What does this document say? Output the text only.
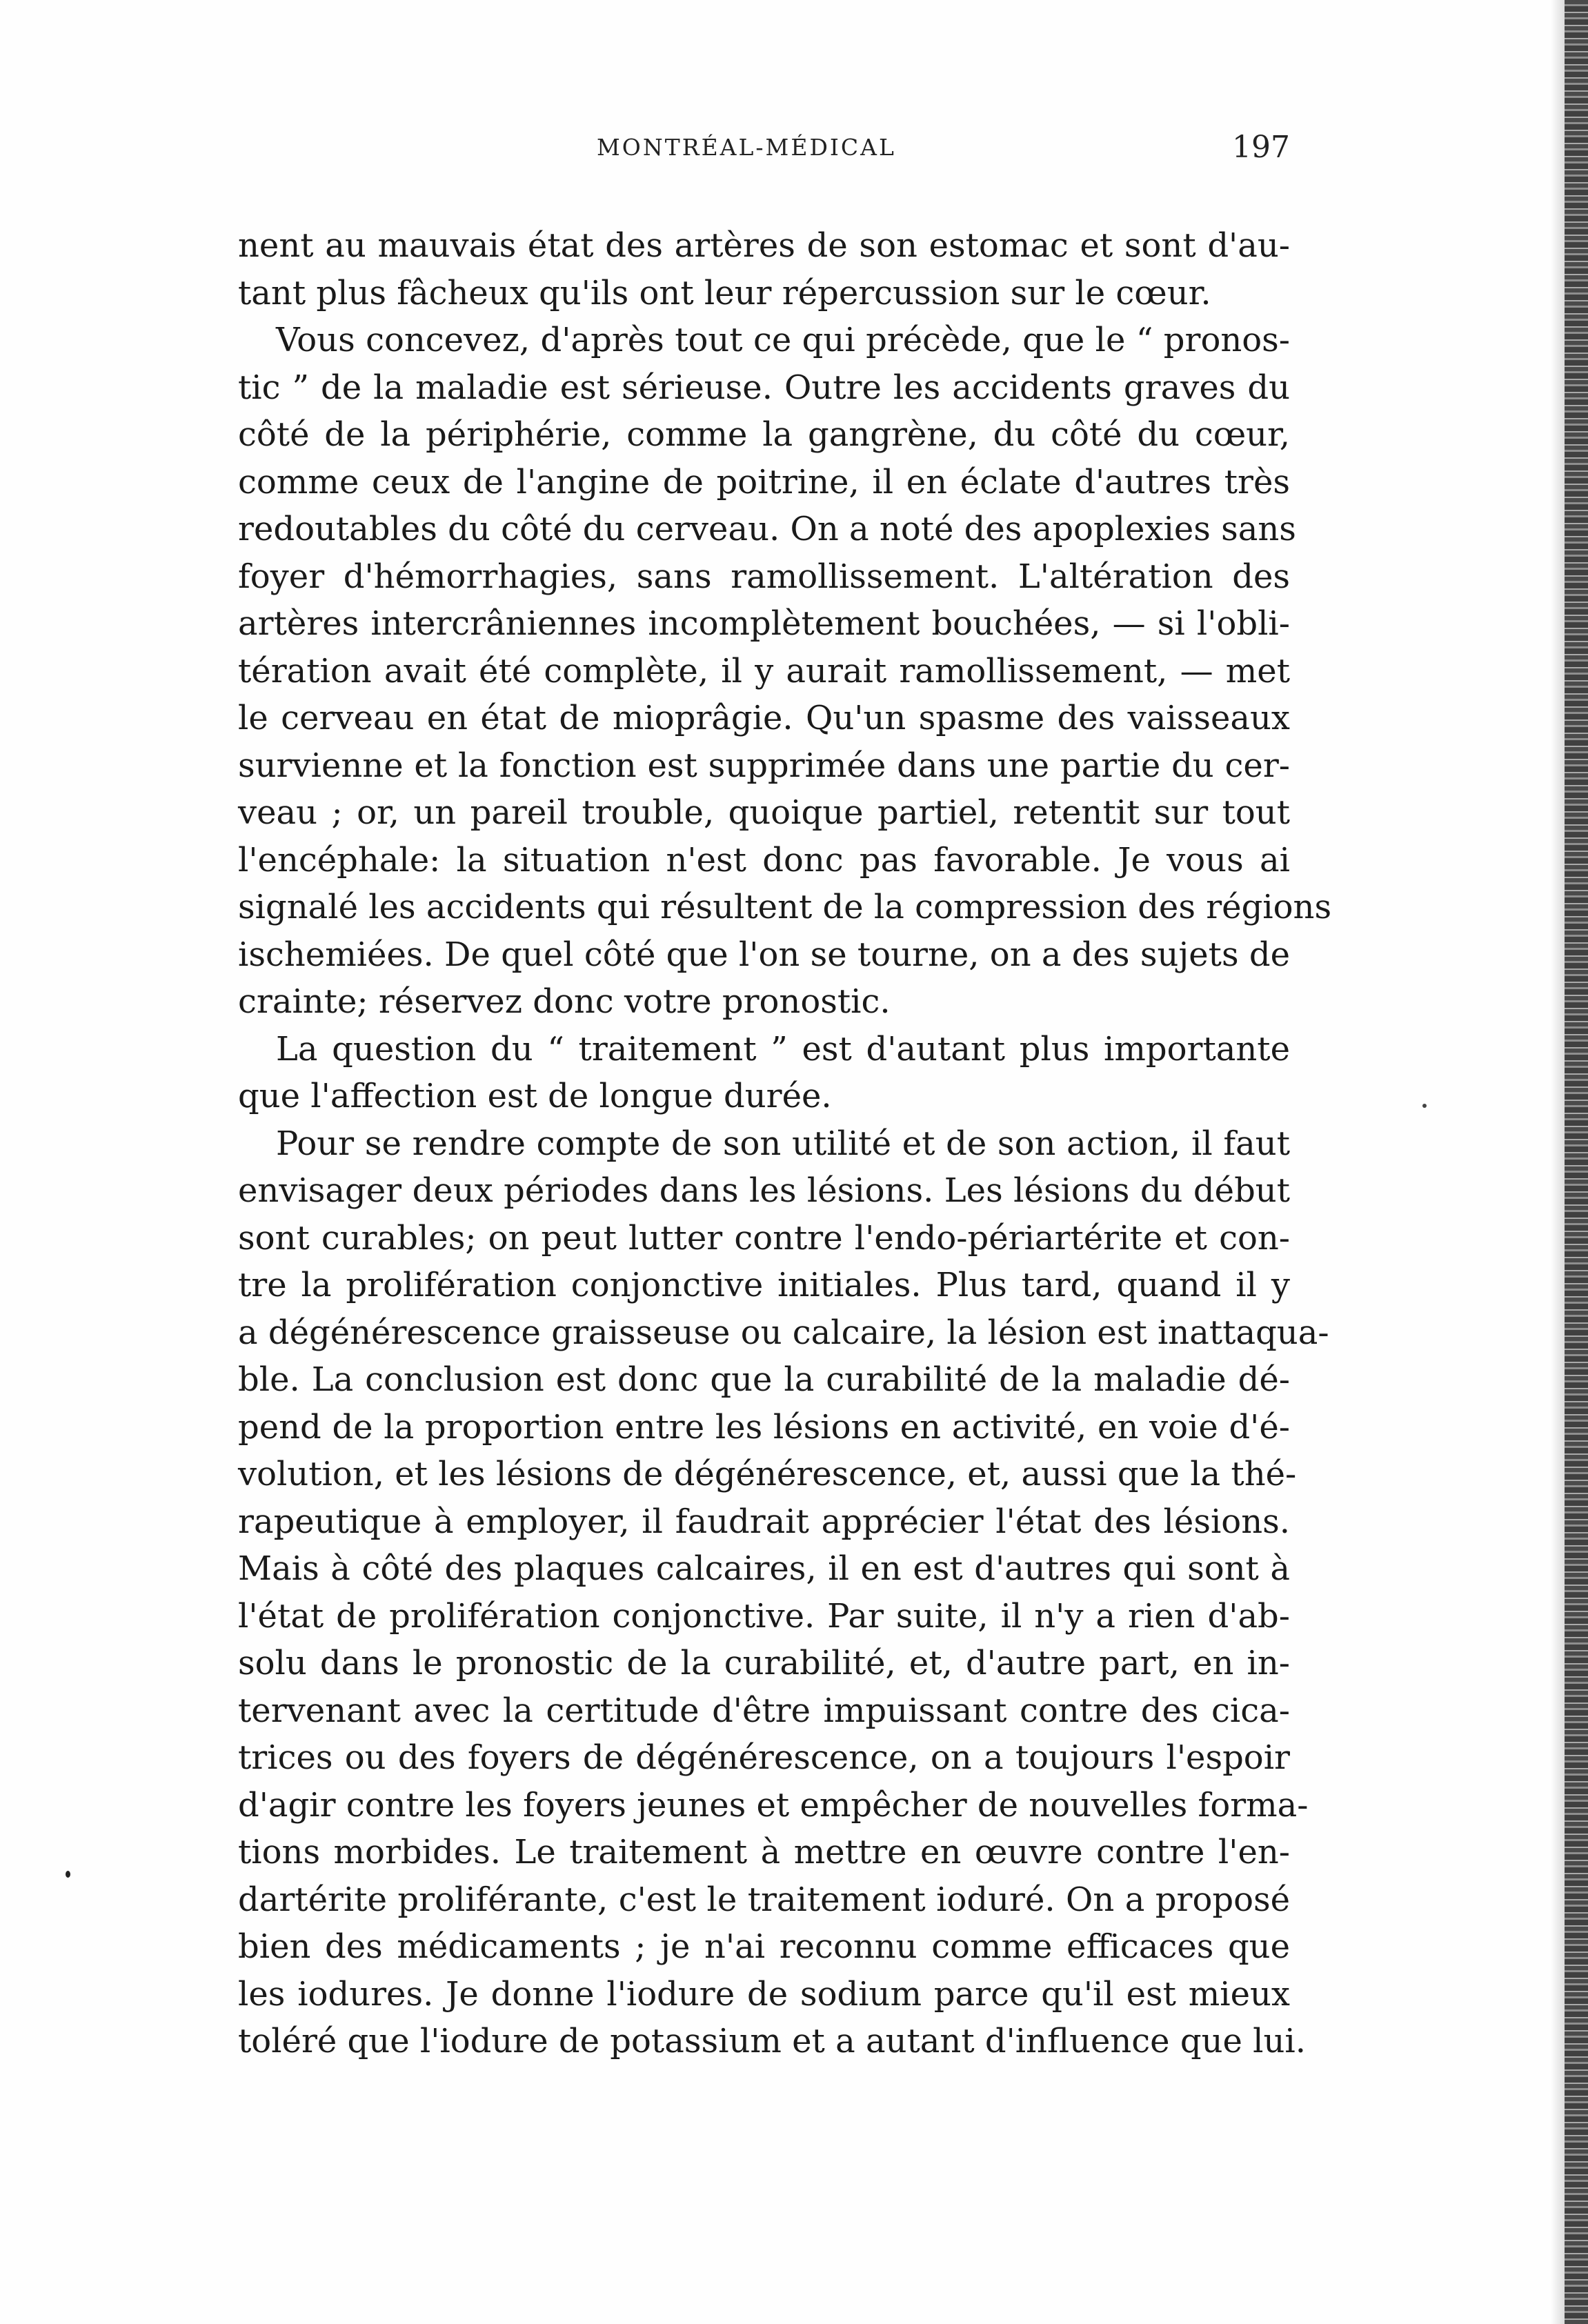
MONTRÉAL-MÉDICAL	197
nent au mauvais état des artères de son estomac et sont d'au-
tant plus fâcheux qu'ils ont leur répercussion sur le cœur.
Vous concevez, d'après tout ce qui précède, que le “ pronos-
tic ” de la maladie est sérieuse. Outre les accidents graves du
côté de la périphérie, comme la gangrène, du côté du cœur,
comme ceux de l'angine de poitrine, il en éclate d'autres très
redoutables du côté du cerveau. On a noté des apoplexies sans
foyer d'hémorrhagies, sans ramollissement. L'altération des
artères intercrâniennes incomplètement bouchées, — si l'obli-
tération avait été complète, il y aurait ramollissement, — met
le cerveau en état de mioprâgie. Qu'un spasme des vaisseaux
survienne et la fonction est supprimée dans une partie du cer-
veau ; or, un pareil trouble, quoique partiel, retentit sur tout
l'encéphale: la situation n'est donc pas favorable. Je vous ai
signalé les accidents qui résultent de la compression des régions
ischemiées. De quel côté que l'on se tourne, on a des sujets de
crainte; réservez donc votre pronostic.
La question du “ traitement ” est d'autant plus importante
que l'affection est de longue durée.
Pour se rendre compte de son utilité et de son action, il faut
envisager deux périodes dans les lésions. Les lésions du début
sont curables; on peut lutter contre l'endo-périartérite et con-
tre la prolifération conjonctive initiales. Plus tard, quand il y
a dégénérescence graisseuse ou calcaire, la lésion est inattaqua-
ble. La conclusion est donc que la curabilité de la maladie dé-
pend de la proportion entre les lésions en activité, en voie d'é-
volution, et les lésions de dégénérescence, et, aussi que la thé-
rapeutique à employer, il faudrait apprécier l'état des lésions.
Mais à côté des plaques calcaires, il en est d'autres qui sont à
l'état de prolifération conjonctive. Par suite, il n'y a rien d'ab-
solu dans le pronostic de la curabilité, et, d'autre part, en in-
tervenant avec la certitude d'être impuissant contre des cica-
trices ou des foyers de dégénérescence, on a toujours l'espoir
d'agir contre les foyers jeunes et empêcher de nouvelles forma-
tions morbides. Le traitement à mettre en œuvre contre l'en-
dartérite proliférante, c'est le traitement ioduré. On a proposé
bien des médicaments ; je n'ai reconnu comme efficaces que
les iodures. Je donne l'iodure de sodium parce qu'il est mieux
toléré que l'iodure de potassium et a autant d'influence que lui.
